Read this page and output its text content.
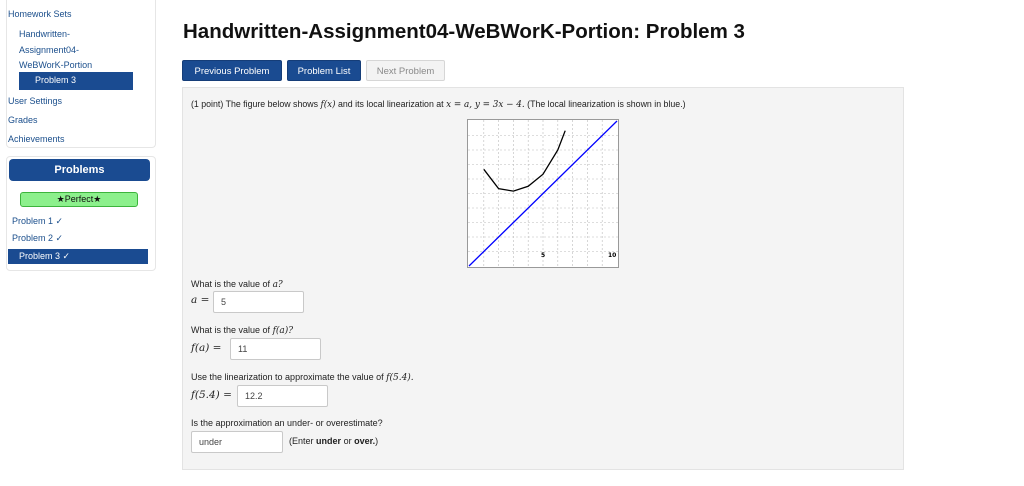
Homework Sets
Handwritten-
Assignment04-
WeBWorK-Portion
Problem 3
User Settings
Grades
Achievements
Problems
★Perfect★
Problem 1 ✓
Problem 2 ✓
Problem 3 ✓
Handwritten-Assignment04-WeBWorK-Portion: Problem 3
Previous Problem	Problem List	Next Problem
(1 point) The figure below shows f(x) and its local linearization at x = a, y = 3x − 4. (The local linearization is shown in blue.)
5	10
What is the value of a?
a =
5
What is the value of f(a)?
f(a) =
11
Use the linearization to approximate the value of f(5.4).
f(5.4) =
12.2
Is the approximation an under- or overestimate?
under
(Enter under or over.)
